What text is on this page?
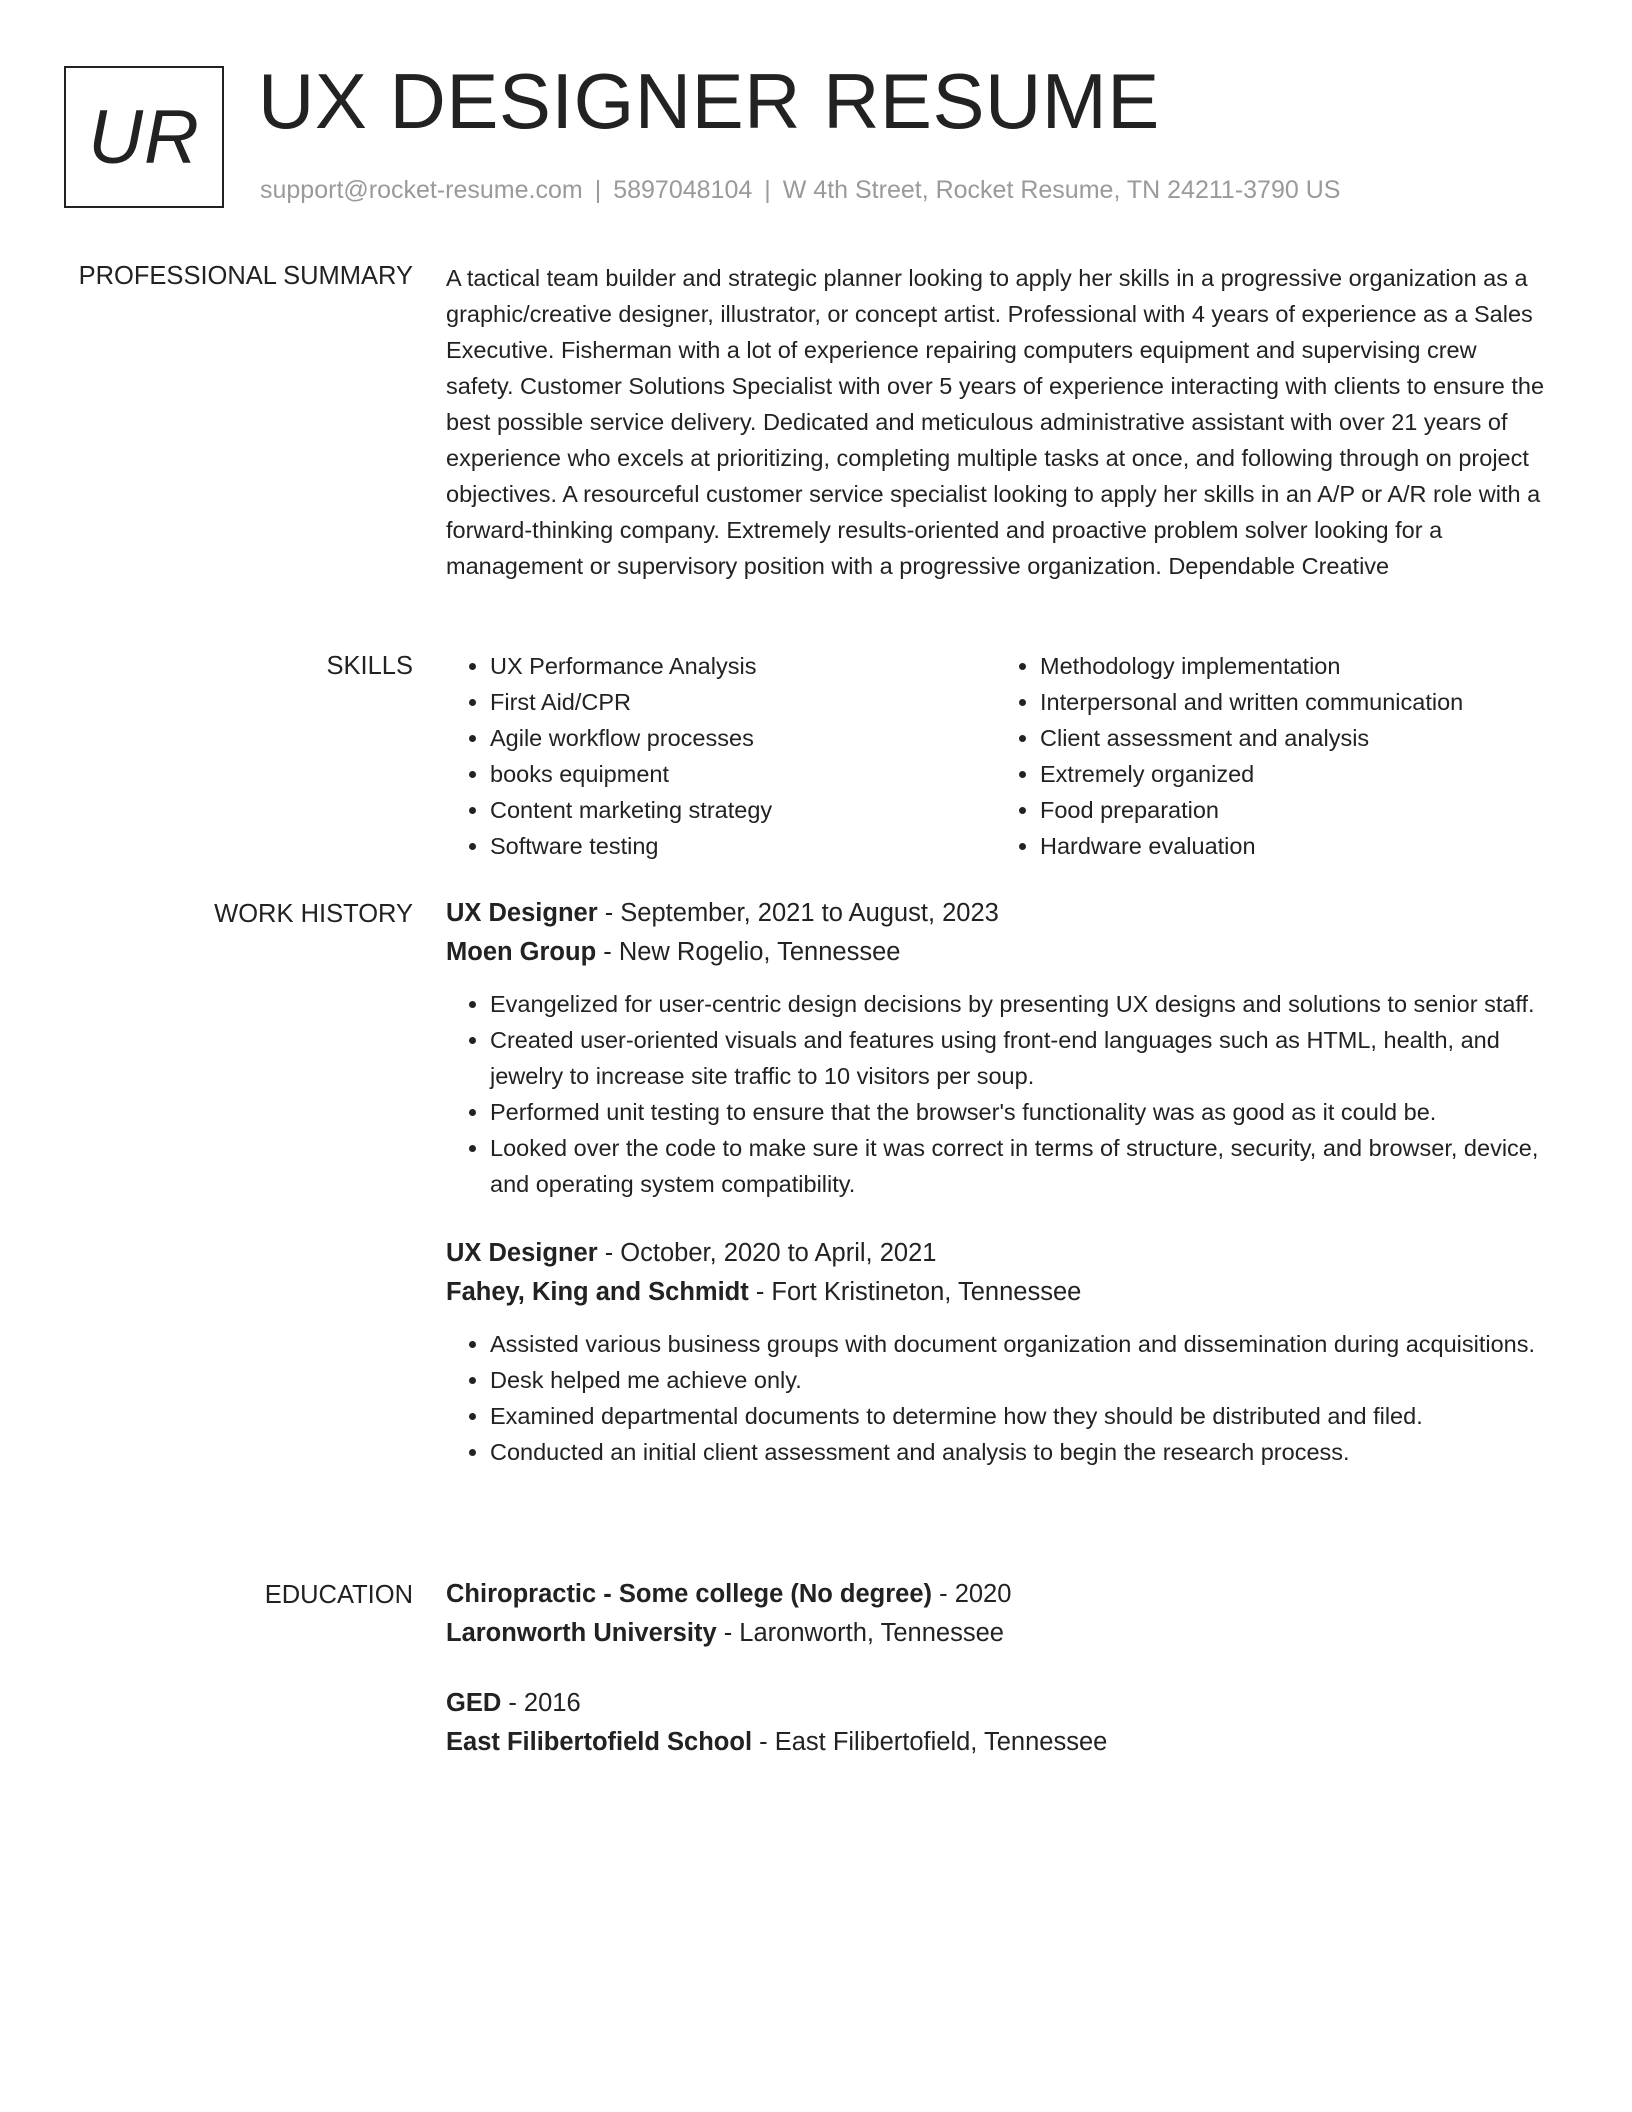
UR UX DESIGNER RESUME
support@rocket-resume.com | 5897048104 | W 4th Street, Rocket Resume, TN 24211-3790 US
PROFESSIONAL SUMMARY A tactical team builder and strategic planner looking to apply her skills in a progressive organization as a graphic/creative designer, illustrator, or concept artist. Professional with 4 years of experience as a Sales Executive. Fisherman with a lot of experience repairing computers equipment and supervising crew safety. Customer Solutions Specialist with over 5 years of experience interacting with clients to ensure the best possible service delivery. Dedicated and meticulous administrative assistant with over 21 years of experience who excels at prioritizing, completing multiple tasks at once, and following through on project objectives. A resourceful customer service specialist looking to apply her skills in an A/P or A/R role with a forward-thinking company. Extremely results-oriented and proactive problem solver looking for a management or supervisory position with a progressive organization. Dependable Creative

SKILLS
•	UX Performance Analysis
• First Aid/CPR
• Agile workflow processes
• books equipment
• Content marketing strategy
• Software testing
• Methodology implementation
• Interpersonal and written communication
• Client assessment and analysis
• Extremely organized
• Food preparation
• Hardware evaluation
WORK HISTORY UX Designer - September, 2021 to August, 2023
Moen Group - New Rogelio, Tennessee
• Evangelized for user-centric design decisions by presenting UX designs and solutions to senior staff.
• Created user-oriented visuals and features using front-end languages such as HTML, health, and jewelry to increase site traffic to 10 visitors per soup.
• Performed unit testing to ensure that the browser's functionality was as good as it could be.
• Looked over the code to make sure it was correct in terms of structure, security, and browser, device, and operating system compatibility.
UX Designer - October, 2020 to April, 2021
Fahey, King and Schmidt - Fort Kristineton, Tennessee
• Assisted various business groups with document organization and dissemination during acquisitions.
• Desk helped me achieve only.
• Examined departmental documents to determine how they should be distributed and filed.
• Conducted an initial client assessment and analysis to begin the research process.
EDUCATION Chiropractic - Some college (No degree) - 2020
Laronworth University - Laronworth, Tennessee
GED - 2016
East Filibertofield School - East Filibertofield, Tennessee
